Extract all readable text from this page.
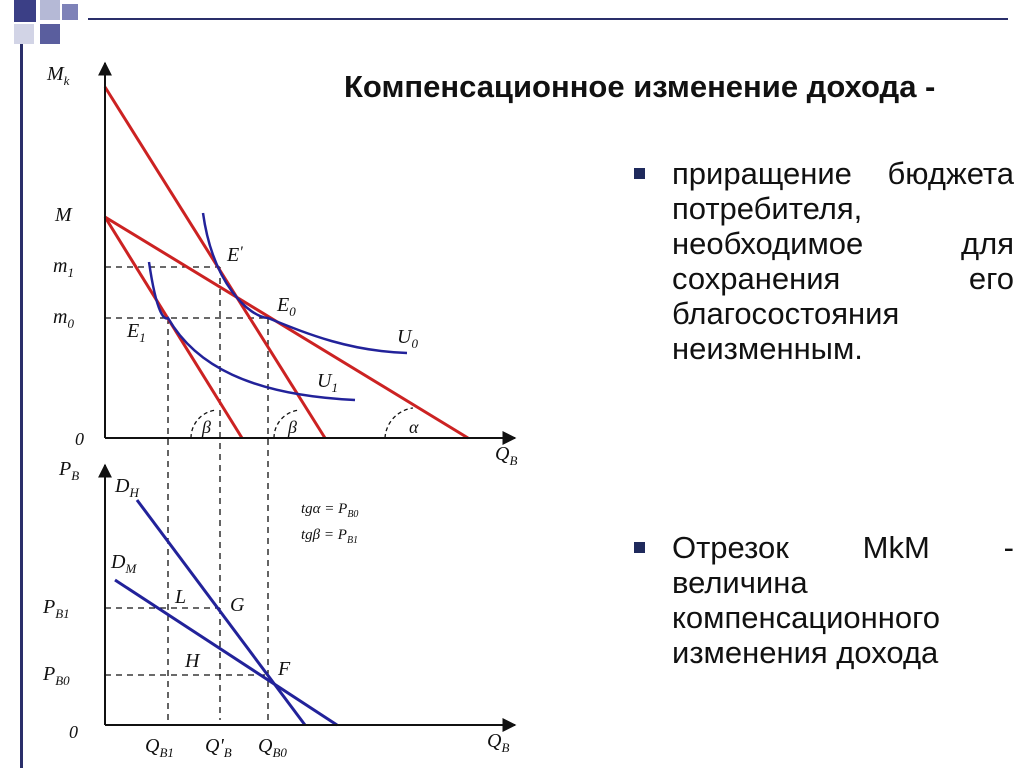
$M_k$
$Q_B$
0
M
$m_1$
$m_0$
E'
$E_0$
$E_1$	$U_0$
$U_1$
β	β	α
$P_B$
$Q_B$
0
$P_{B1}$
$P_{B0}$
$Q_{B1}$ $Q'_B$ $Q_{B0}$
$D_H$
$D_M$
L G
H	F
$tg\alpha = P_{B0}$
$tg\beta = P_{B1}$
Компенсационное изменение дохода -
приращение бюджета потребителя, необходимое для сохранения его благосостояния неизменным.
Отрезок MkM - величина компенсационного изменения дохода
